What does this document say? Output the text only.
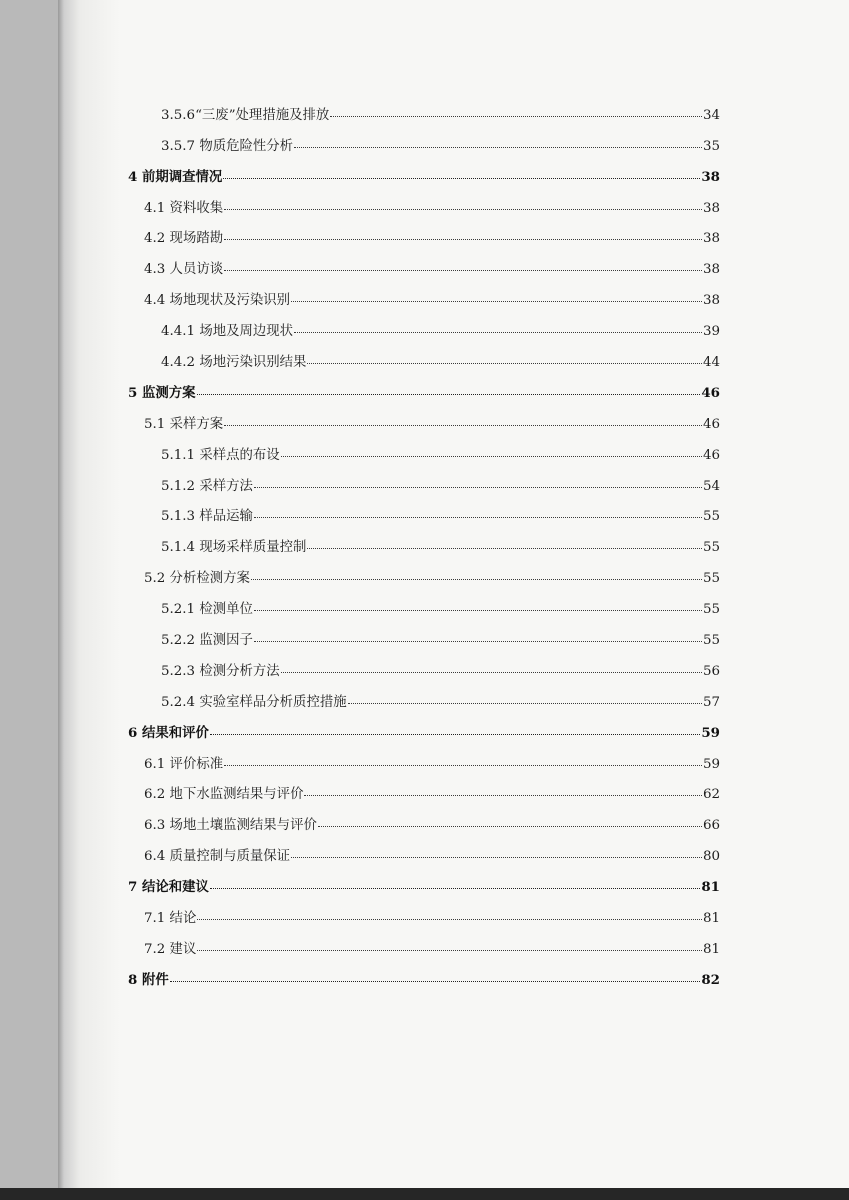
3.5.6“三废”处理措施及排放	34
3.5.7 物质危险性分析	35
4 前期调查情况	38
4.1 资料收集	38
4.2 现场踏勘	38
4.3 人员访谈	38
4.4 场地现状及污染识别	38
4.4.1 场地及周边现状	39
4.4.2 场地污染识别结果	44
5 监测方案	46
5.1 采样方案	46
5.1.1 采样点的布设	46
5.1.2 采样方法	54
5.1.3 样品运输	55
5.1.4 现场采样质量控制	55
5.2 分析检测方案	55
5.2.1 检测单位	55
5.2.2 监测因子	55
5.2.3 检测分析方法	56
5.2.4 实验室样品分析质控措施	57
6 结果和评价	59
6.1 评价标准	59
6.2 地下水监测结果与评价	62
6.3 场地土壤监测结果与评价	66
6.4 质量控制与质量保证	80
7 结论和建议	81
7.1 结论	81
7.2 建议	81
8 附件	82
